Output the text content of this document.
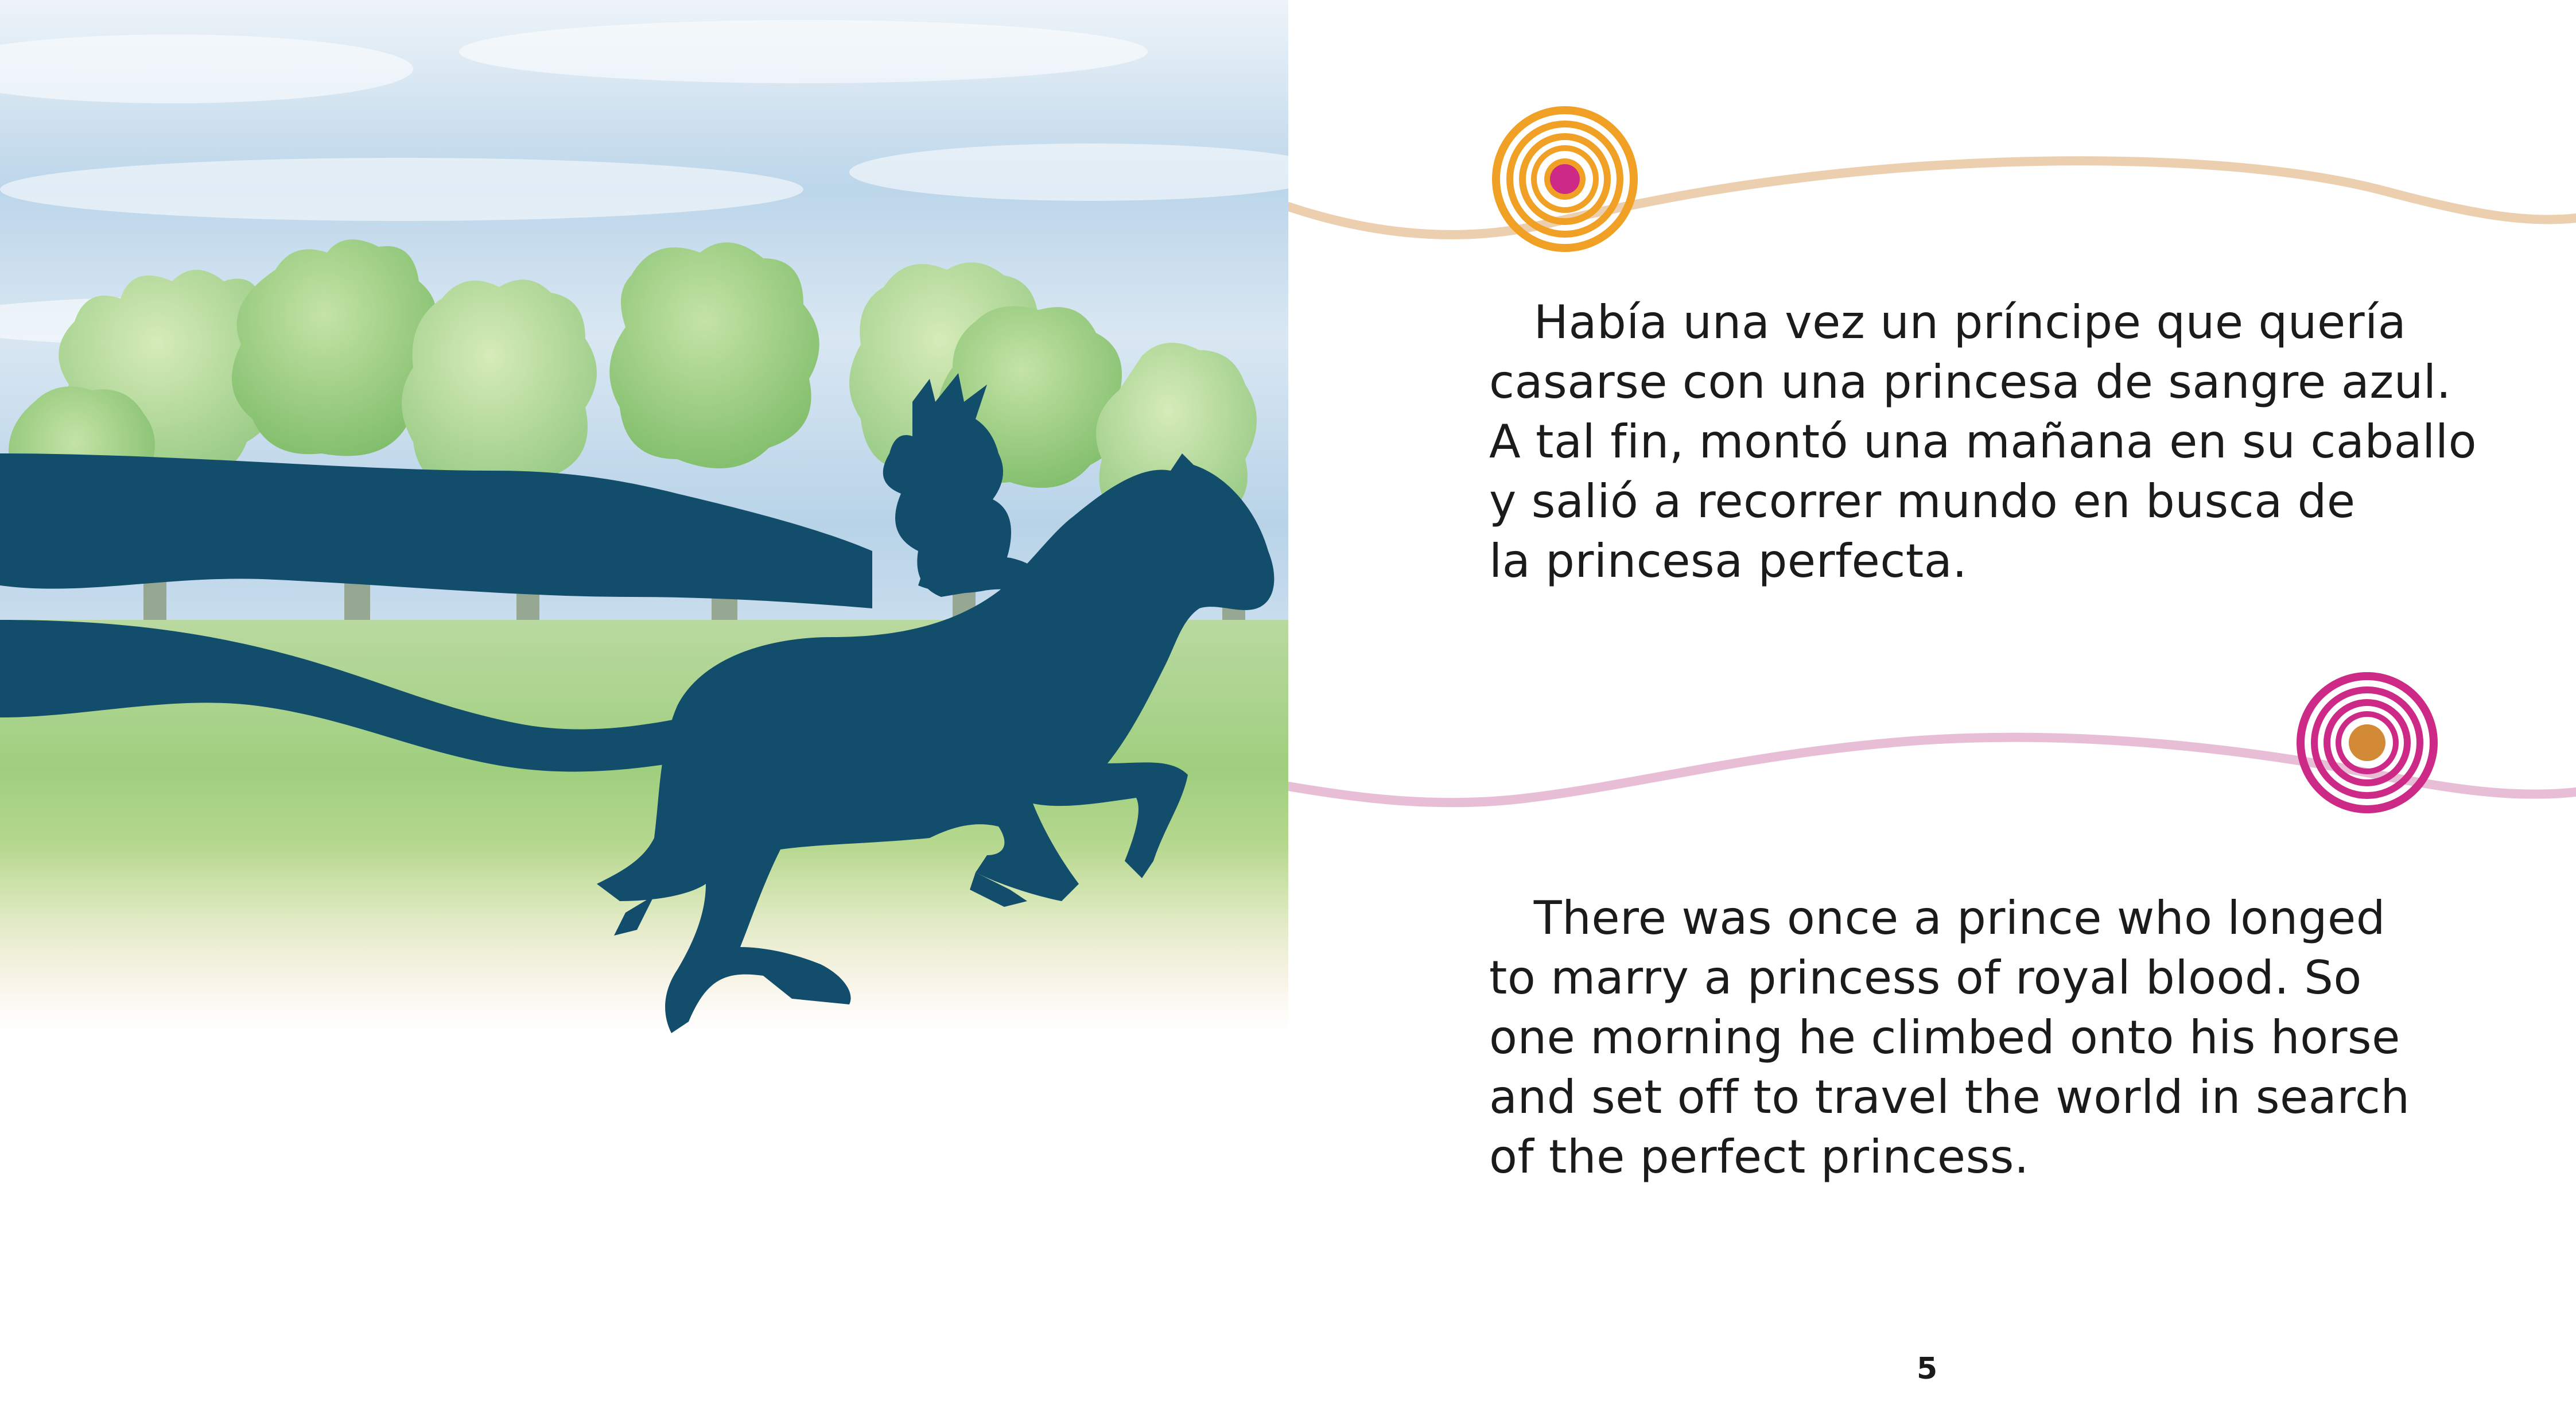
Había una vez un príncipe que quería
casarse con una princesa de sangre azul.
A tal fin, montó una mañana en su caballo
y salió a recorrer mundo en busca de
la princesa perfecta.

There was once a prince who longed
to marry a princess of royal blood. So
one morning he climbed onto his horse
and set off to travel the world in search
of the perfect princess.

5
